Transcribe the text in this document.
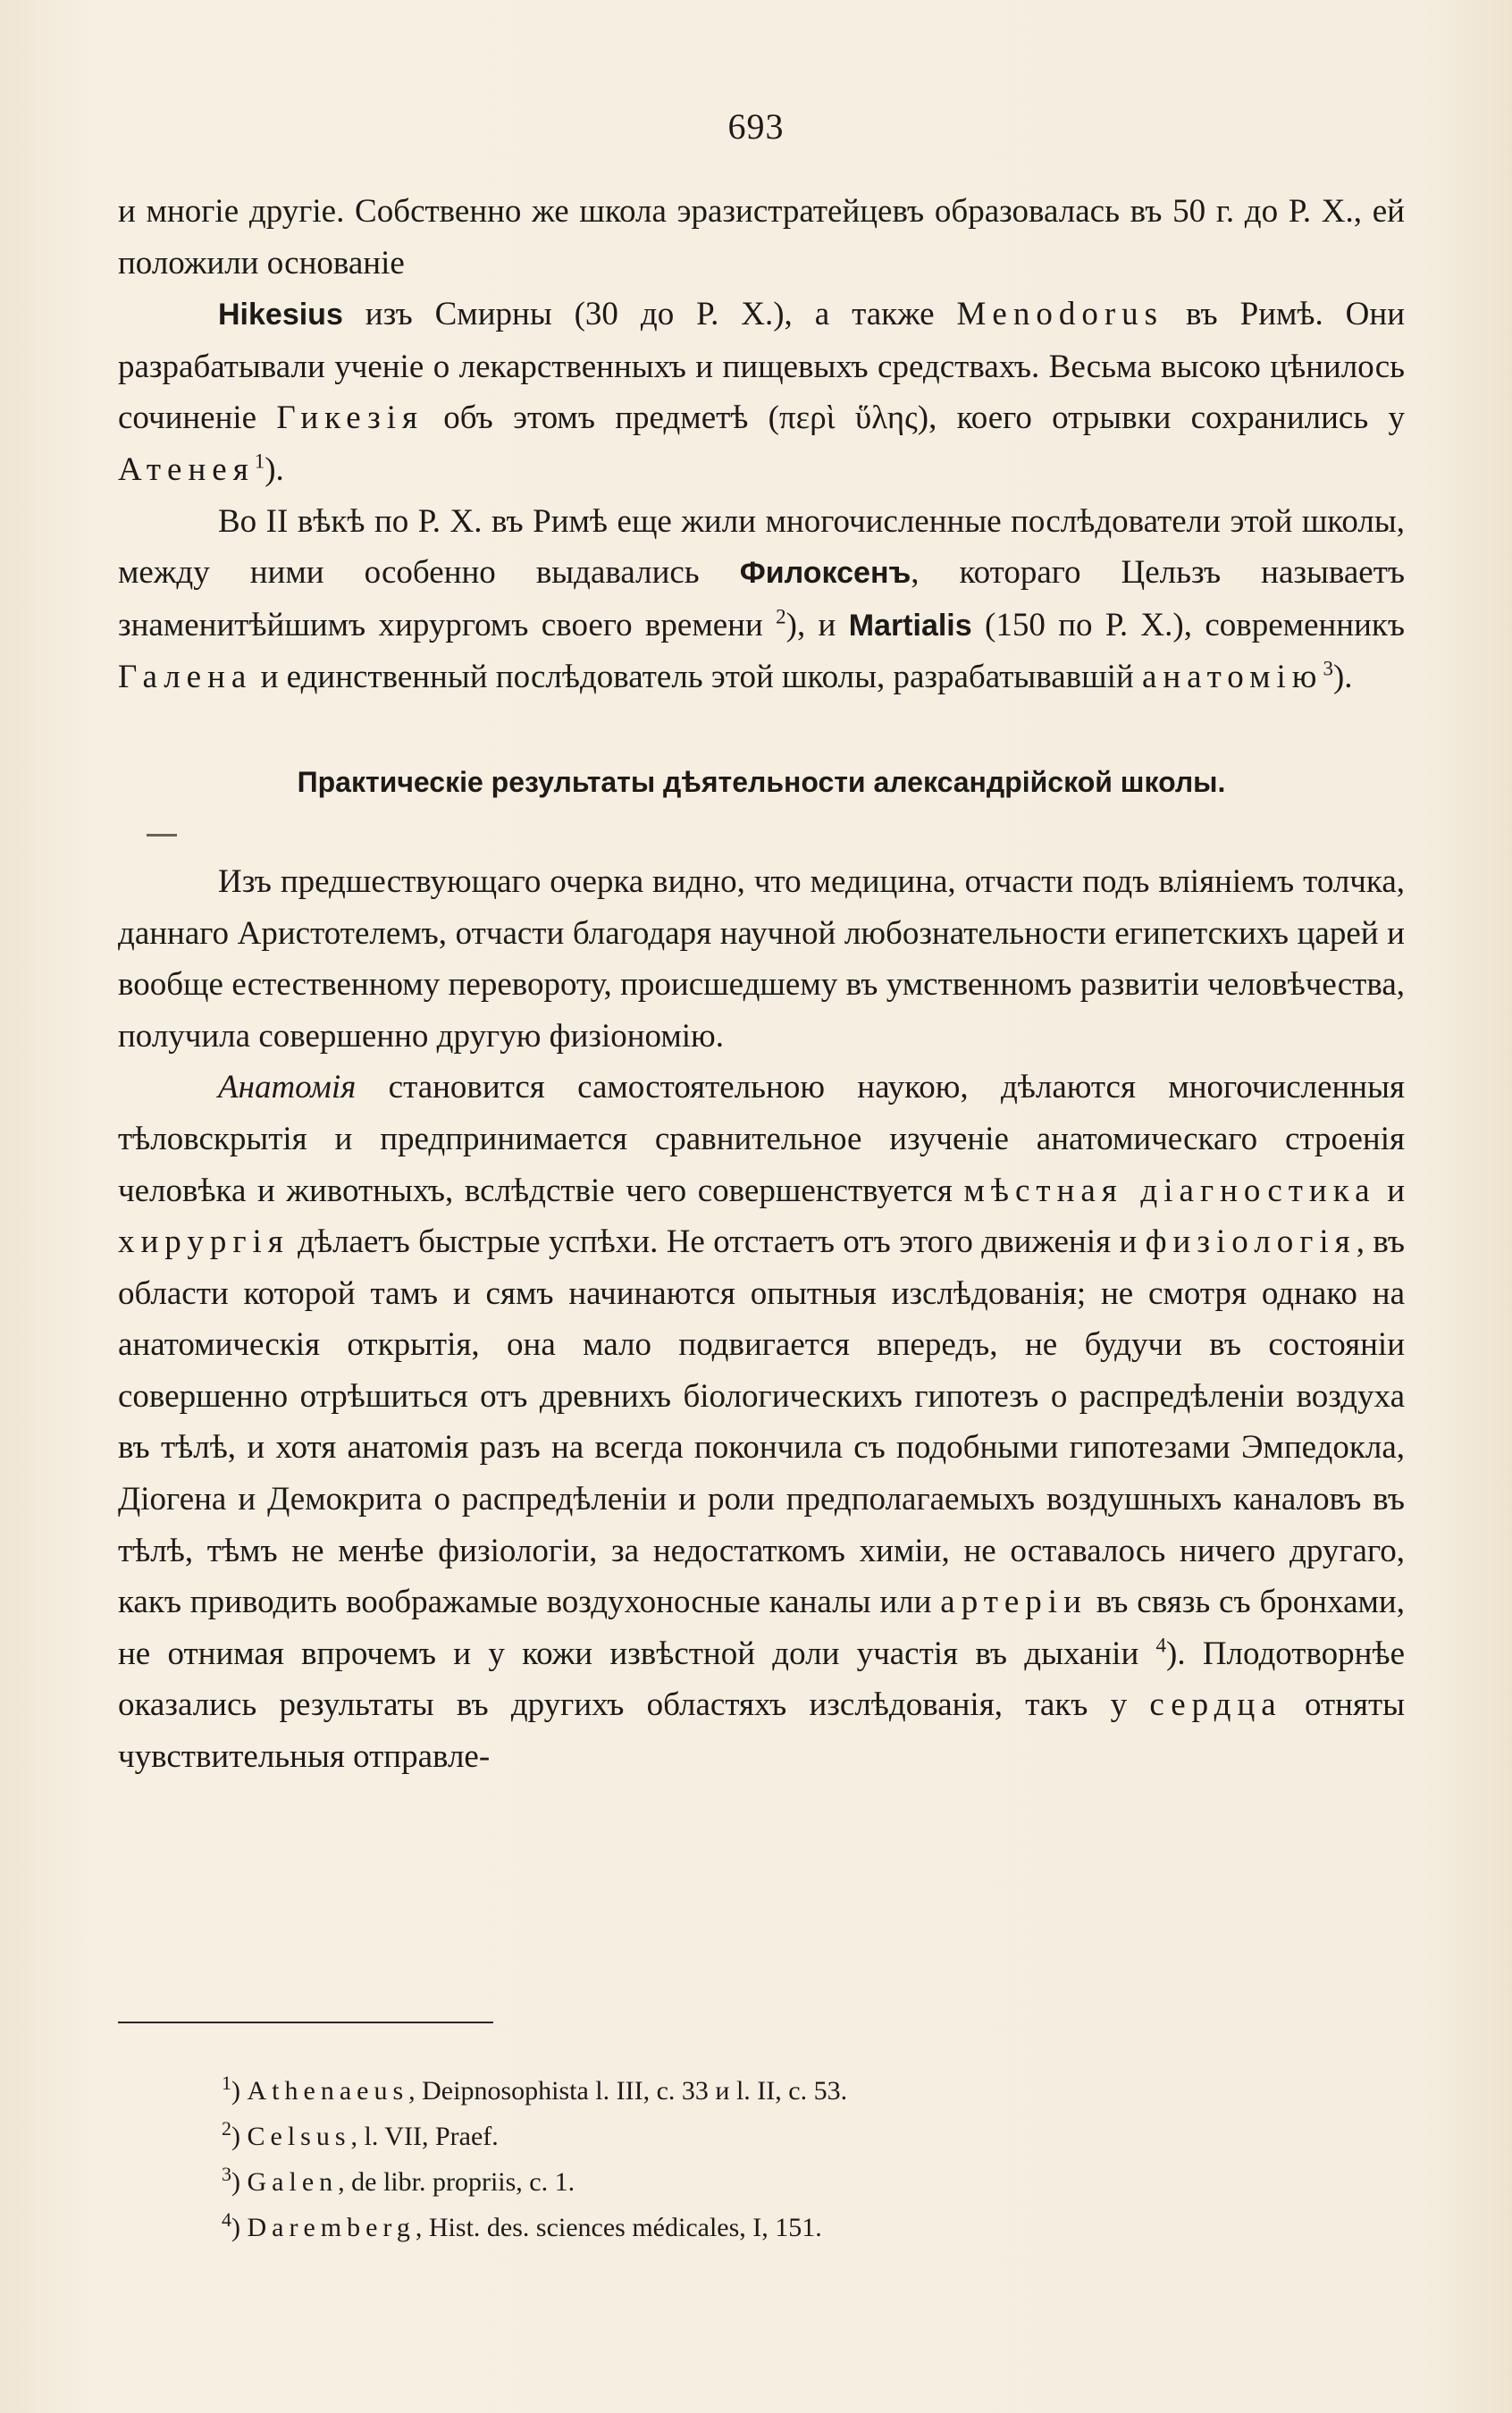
693

и многіе другіе. Собственно же школа эразистратейцевъ образовалась въ 50 г. до Р. X., ей положили основаніе

Hikesius изъ Смирны (30 до Р. X.), а также Menodorus въ Римѣ. Они разрабатывали ученіе о лекарственныхъ и пищевыхъ средствахъ. Весьма высоко цѣнилось сочиненіе Гикезія объ этомъ предметѣ (περὶ ὕλης), коего отрывки сохранились у Атенея$^1$).

Во II вѣкѣ по Р. X. въ Римѣ еще жили многочисленные послѣдователи этой школы, между ними особенно выдавались Филоксенъ, котораго Цельзъ называетъ знаменитѣйшимъ хирургомъ своего времени $^2$), и Martialis (150 по Р. X.), современникъ Галена и единственный послѣдователь этой школы, разрабатывавшій анатомію$^3$).

Практическіе результаты дѣятельности александрійской школы.

Изъ предшествующаго очерка видно, что медицина, отчасти подъ вліяніемъ толчка, даннаго Аристотелемъ, отчасти благодаря научной любознательности египетскихъ царей и вообще естественному перевороту, происшедшему въ умственномъ развитіи человѣчества, получила совершенно другую физіономію.

Анатомія становится самостоятельною наукою, дѣлаются многочисленныя тѣловскрытія и предпринимается сравнительное изученіе анатомическаго строенія человѣка и животныхъ, вслѣдствіе чего совершенствуется мѣстная діагностика и хирургія дѣлаетъ быстрые успѣхи. Не отстаетъ отъ этого движенія и физіологія, въ области которой тамъ и сямъ начинаются опытныя изслѣдованія; не смотря однако на анатомическія открытія, она мало подвигается впередъ, не будучи въ состояніи совершенно отрѣшиться отъ древнихъ біологическихъ гипотезъ о распредѣленіи воздуха въ тѣлѣ, и хотя анатомія разъ на всегда покончила съ подобными гипотезами Эмпедокла, Діогена и Демокрита о распредѣленіи и роли предполагаемыхъ воздушныхъ каналовъ въ тѣлѣ, тѣмъ не менѣе физіологіи, за недостаткомъ химіи, не оставалось ничего другаго, какъ приводить воображамые воздухоносные каналы или артеріи въ связь съ бронхами, не отнимая впрочемъ и у кожи извѣстной доли участія въ дыханіи $^4$). Плодотворнѣе оказались результаты въ другихъ областяхъ изслѣдованія, такъ у сердца отняты чувствительныя отправле-

$^1$) Athenaeus, Deipnosophista l. III, c. 33 и l. II, c. 53.

$^2$) Celsus, l. VII, Praef.

$^3$) Galen, de libr. propriis, c. 1.

$^4$) Daremberg, Hist. des. sciences médicales, I, 151.
